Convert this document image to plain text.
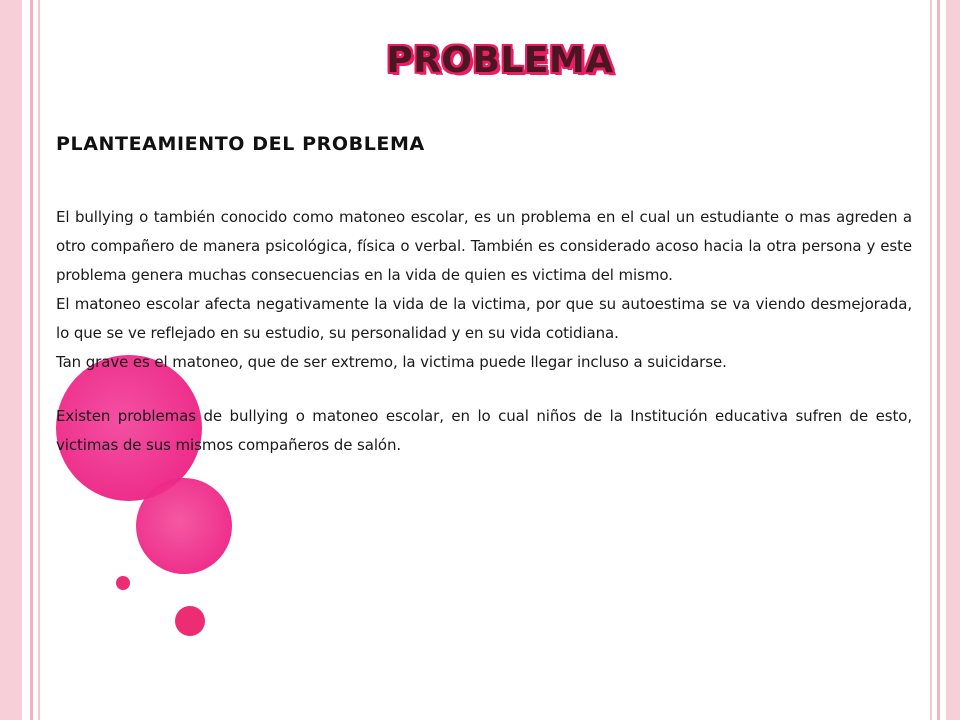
PROBLEMA
PLANTEAMIENTO DEL PROBLEMA

El bullying o también conocido como matoneo escolar, es un problema en el cual un estudiante o mas agreden a otro compañero de manera psicológica, física o verbal. También es considerado acoso hacia la otra persona y este problema genera muchas consecuencias en la vida de quien es victima del mismo.

El matoneo escolar afecta negativamente la vida de la victima, por que su autoestima se va viendo desmejorada, lo que se ve reflejado en su estudio, su personalidad y en su vida cotidiana.

Tan grave es el matoneo, que de ser extremo, la victima puede llegar incluso a suicidarse.

Existen problemas de bullying o matoneo escolar, en lo cual niños de la Institución educativa sufren de esto, victimas de sus mismos compañeros de salón.
